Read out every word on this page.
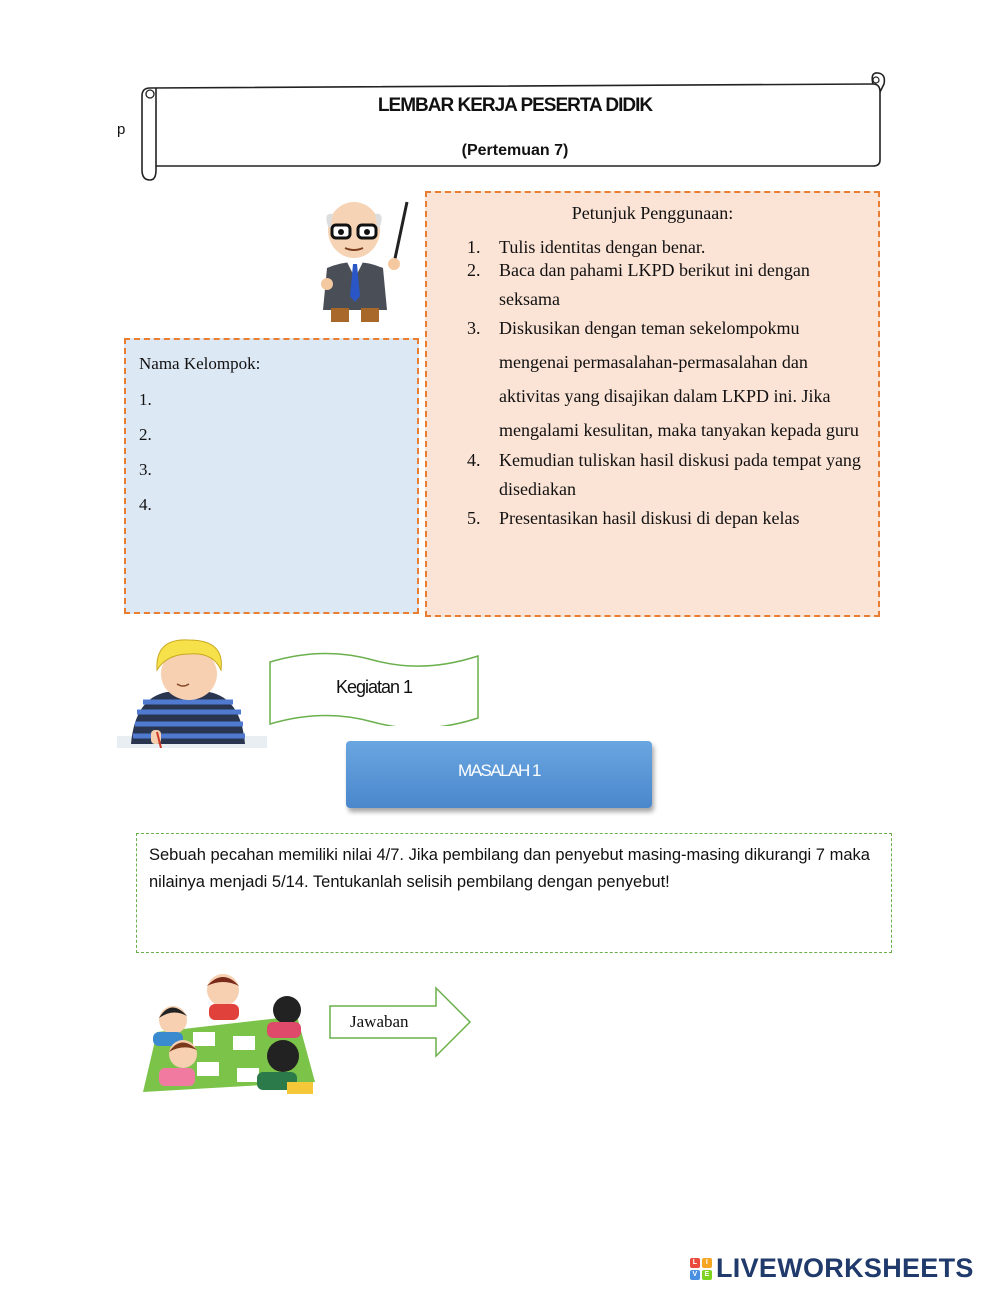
p
LEMBAR KERJA PESERTA DIDIK
(Pertemuan 7)
Nama Kelompok:
1.
2.
3.
4.
Petunjuk Penggunaan:
1. Tulis identitas dengan benar.
2. Baca dan pahami LKPD berikut ini dengan seksama
3. Diskusikan dengan teman sekelompokmu mengenai permasalahan-permasalahan dan aktivitas yang disajikan dalam LKPD ini. Jika mengalami kesulitan, maka tanyakan kepada guru
4. Kemudian tuliskan hasil diskusi pada tempat yang disediakan
5. Presentasikan hasil diskusi di depan kelas
Kegiatan 1
MASALAH 1
Sebuah pecahan memiliki nilai 4/7. Jika pembilang dan penyebut masing-masing dikurangi 7 maka nilainya menjadi 5/14. Tentukanlah selisih pembilang dengan penyebut!
Jawaban
L	I
V	E LIVEWORKSHEETS
